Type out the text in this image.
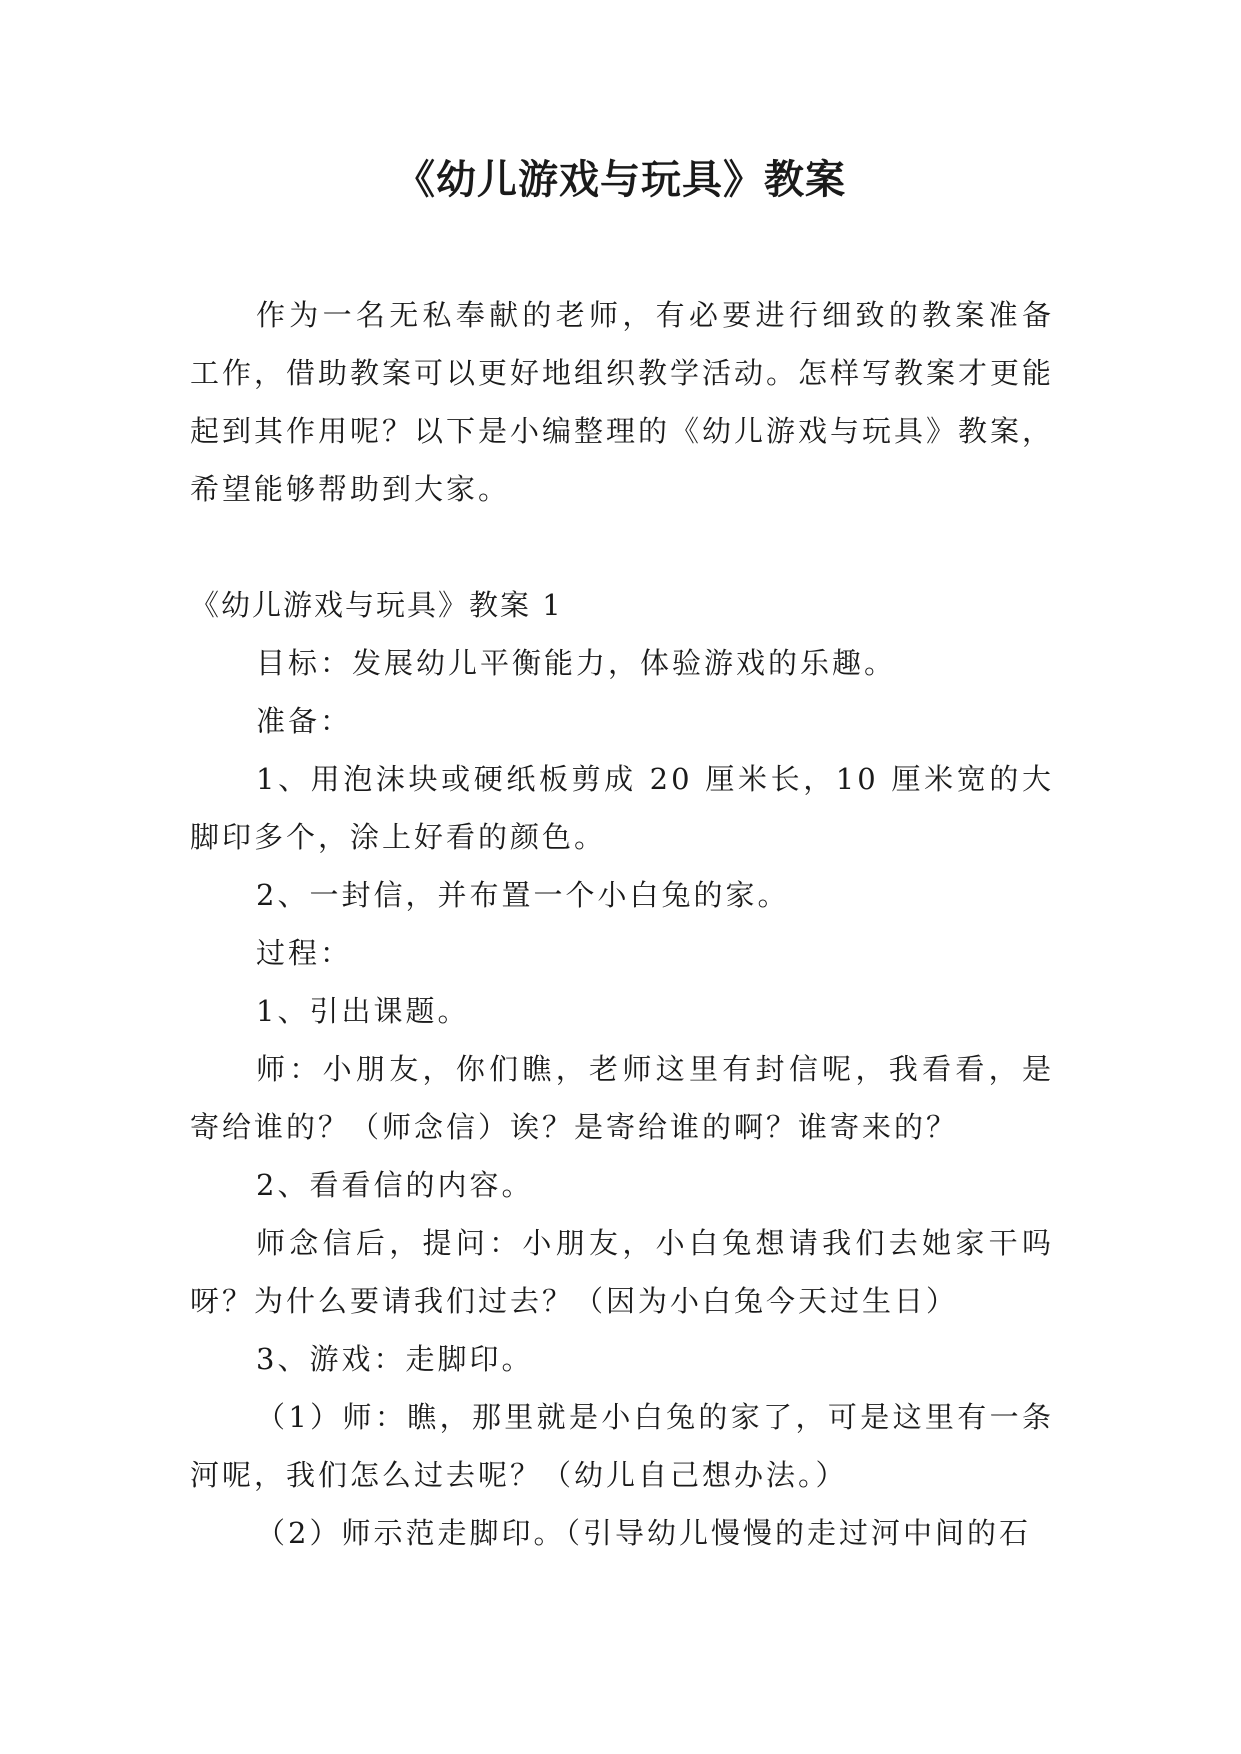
《幼儿游戏与玩具》教案

作为一名无私奉献的老师，有必要进行细致的教案准备工作，借助教案可以更好地组织教学活动。怎样写教案才更能起到其作用呢？以下是小编整理的《幼儿游戏与玩具》教案，希望能够帮助到大家。

《幼儿游戏与玩具》教案 1

目标：发展幼儿平衡能力，体验游戏的乐趣。

准备：

1、用泡沫块或硬纸板剪成 20 厘米长，10 厘米宽的大脚印多个，涂上好看的颜色。

2、一封信，并布置一个小白兔的家。

过程：

1、引出课题。

师：小朋友，你们瞧，老师这里有封信呢，我看看，是寄给谁的？（师念信）诶？是寄给谁的啊？谁寄来的？

2、看看信的内容。

师念信后，提问：小朋友，小白兔想请我们去她家干吗呀？为什么要请我们过去？（因为小白兔今天过生日）

3、游戏：走脚印。

（1）师：瞧，那里就是小白兔的家了，可是这里有一条河呢，我们怎么过去呢？（幼儿自己想办法。）

（2）师示范走脚印。（引导幼儿慢慢的走过河中间的石
